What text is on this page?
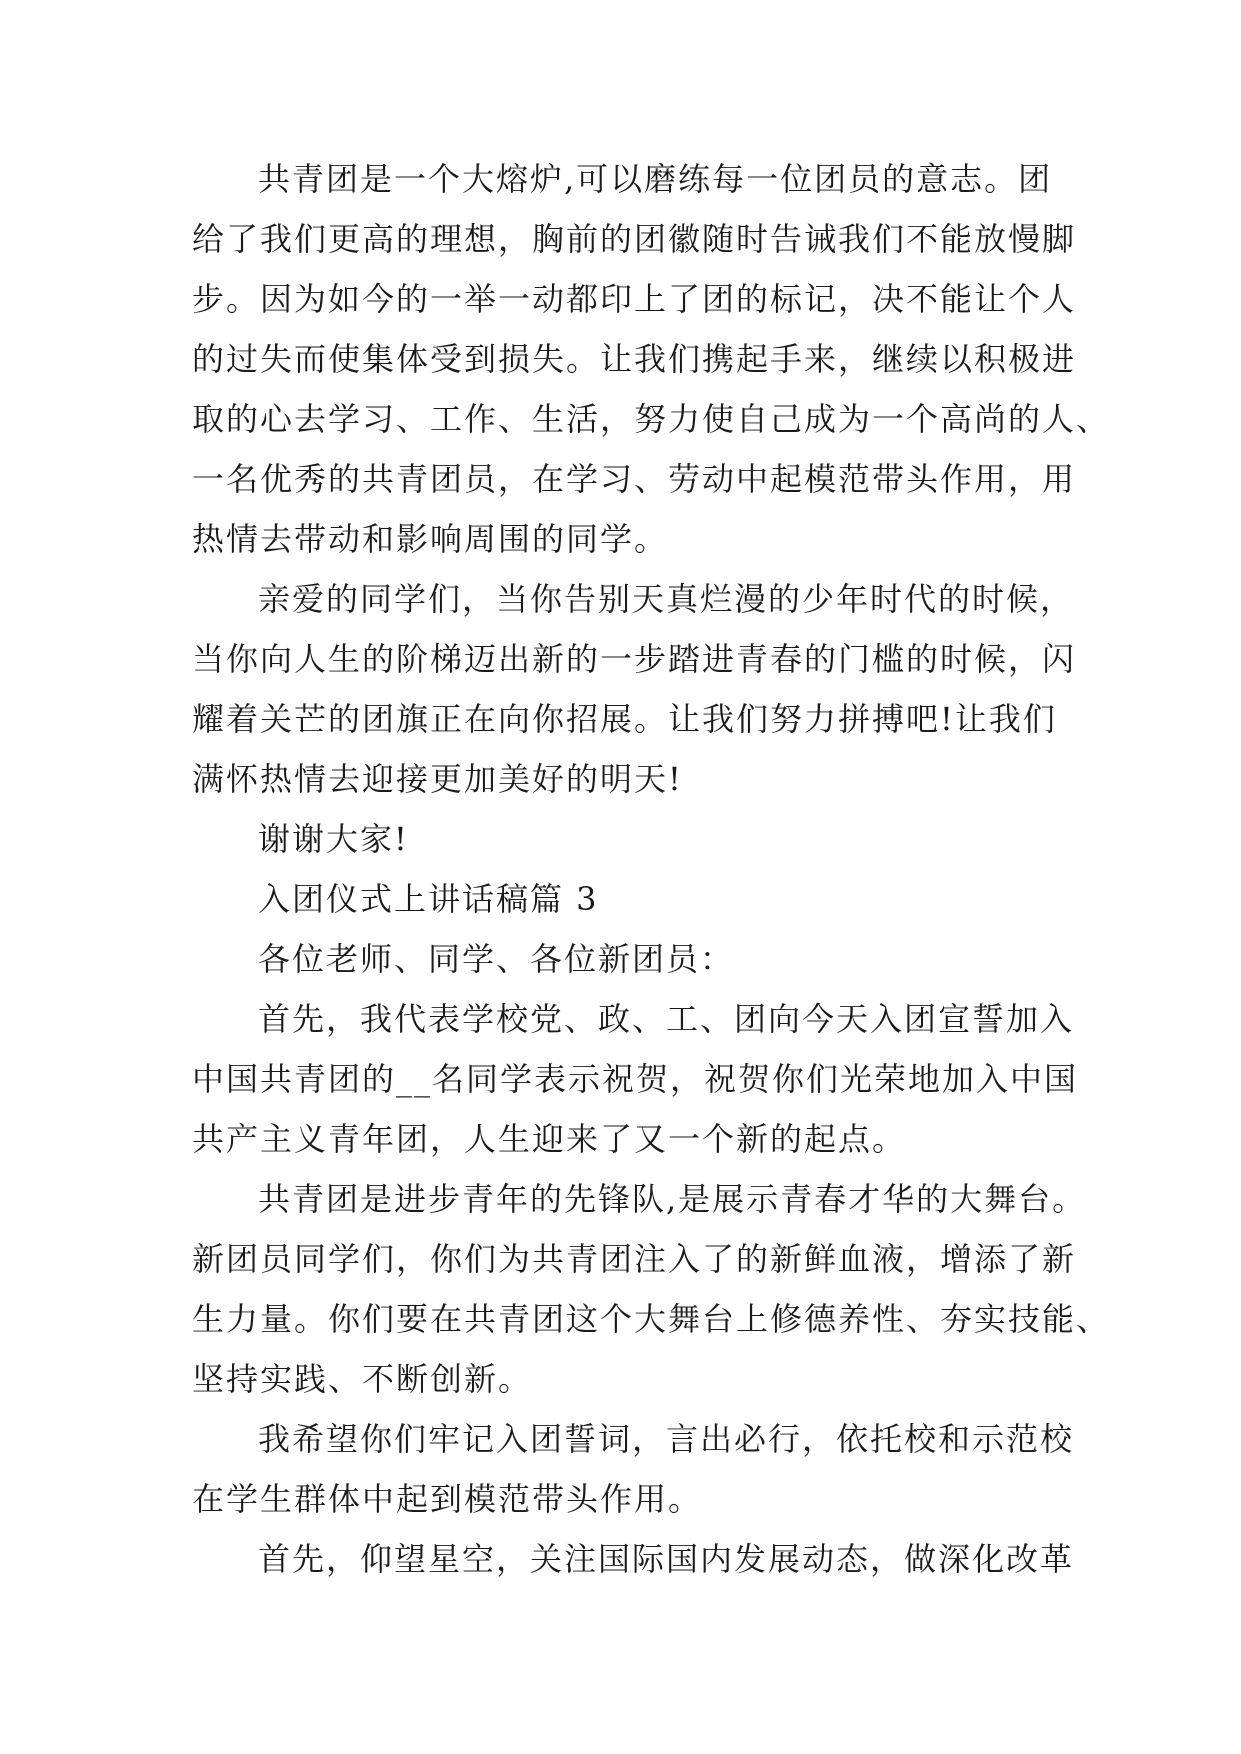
共青团是一个大熔炉,可以磨练每一位团员的意志。团
给了我们更高的理想，胸前的团徽随时告诫我们不能放慢脚
步。因为如今的一举一动都印上了团的标记，决不能让个人
的过失而使集体受到损失。让我们携起手来，继续以积极进
取的心去学习、工作、生活，努力使自己成为一个高尚的人、
一名优秀的共青团员，在学习、劳动中起模范带头作用，用
热情去带动和影响周围的同学。
亲爱的同学们，当你告别天真烂漫的少年时代的时候，
当你向人生的阶梯迈出新的一步踏进青春的门槛的时候，闪
耀着关芒的团旗正在向你招展。让我们努力拼搏吧!让我们
满怀热情去迎接更加美好的明天!
谢谢大家!
入团仪式上讲话稿篇 3
各位老师、同学、各位新团员：
首先，我代表学校党、政、工、团向今天入团宣誓加入
中国共青团的__名同学表示祝贺，祝贺你们光荣地加入中国
共产主义青年团，人生迎来了又一个新的起点。
共青团是进步青年的先锋队,是展示青春才华的大舞台。
新团员同学们，你们为共青团注入了的新鲜血液，增添了新
生力量。你们要在共青团这个大舞台上修德养性、夯实技能、
坚持实践、不断创新。
我希望你们牢记入团誓词，言出必行，依托校和示范校
在学生群体中起到模范带头作用。
首先，仰望星空，关注国际国内发展动态，做深化改革
